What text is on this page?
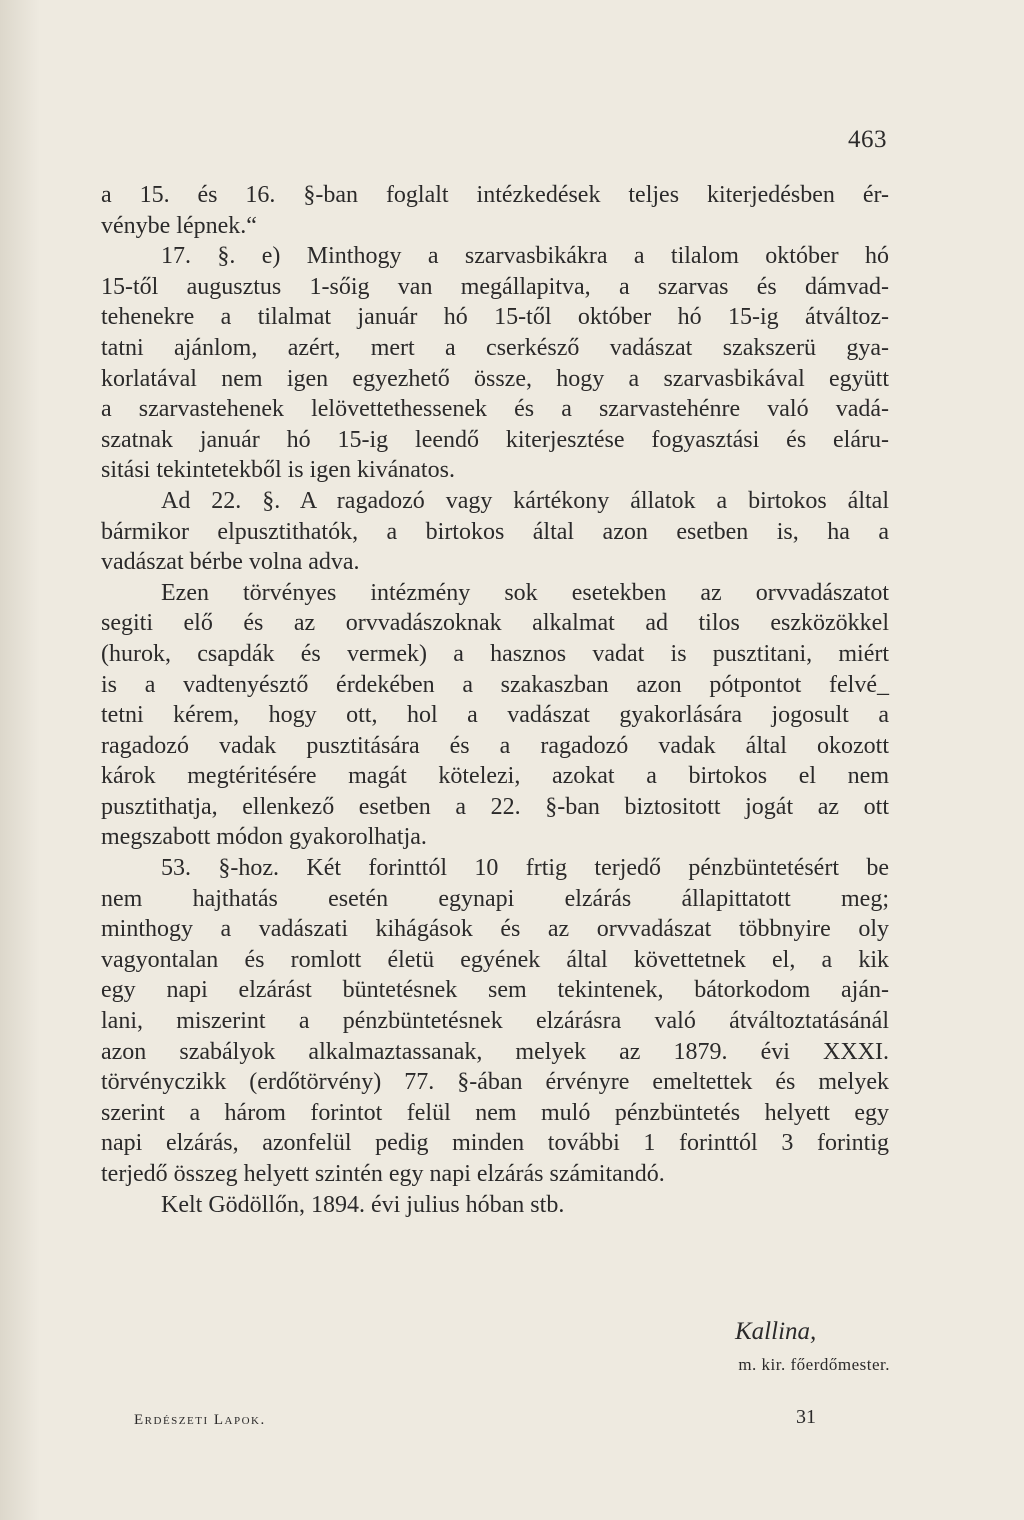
463
a 15. és 16. §-ban foglalt intézkedések teljes kiterjedésben ér-
vénybe lépnek.“
17. §. e) Minthogy a szarvasbikákra a tilalom október hó
15-től augusztus 1-sőig van megállapitva, a szarvas és dámvad-
tehenekre a tilalmat január hó 15-től október hó 15-ig átváltoz-
tatni ajánlom, azért, mert a cserkésző vadászat szakszerü gya-
korlatával nem igen egyezhető össze, hogy a szarvasbikával együtt
a szarvastehenek lelövettethessenek és a szarvastehénre való vadá-
szatnak január hó 15-ig leendő kiterjesztése fogyasztási és eláru-
sitási tekintetekből is igen kivánatos.
Ad 22. §. A ragadozó vagy kártékony állatok a birtokos által
bármikor elpusztithatók, a birtokos által azon esetben is, ha a
vadászat bérbe volna adva.
Ezen törvényes intézmény sok esetekben az orvvadászatot
segiti elő és az orvvadászoknak alkalmat ad tilos eszközökkel
(hurok, csapdák és vermek) a hasznos vadat is pusztitani, miért
is a vadtenyésztő érdekében a szakaszban azon pótpontot felvé_
tetni kérem, hogy ott, hol a vadászat gyakorlására jogosult a
ragadozó vadak pusztitására és a ragadozó vadak által okozott
károk megtéritésére magát kötelezi, azokat a birtokos el nem
pusztithatja, ellenkező esetben a 22. §-ban biztositott jogát az ott
megszabott módon gyakorolhatja.
53. §-hoz. Két forinttól 10 frtig terjedő pénzbüntetésért be
nem hajthatás esetén egynapi elzárás állapittatott meg;
minthogy a vadászati kihágások és az orvvadászat többnyire oly
vagyontalan és romlott életü egyének által követtetnek el, a kik
egy napi elzárást büntetésnek sem tekintenek, bátorkodom aján-
lani, miszerint a pénzbüntetésnek elzárásra való átváltoztatásánál
azon szabályok alkalmaztassanak, melyek az 1879. évi XXXI.
törvényczikk (erdőtörvény) 77. §-ában érvényre emeltettek és melyek
szerint a három forintot felül nem muló pénzbüntetés helyett egy
napi elzárás, azonfelül pedig minden további 1 forinttól 3 forintig
terjedő összeg helyett szintén egy napi elzárás számitandó.
Kelt Gödöllőn, 1894. évi julius hóban stb.
Kallina,
m. kir. főerdőmester.
Erdészeti Lapok.	31
